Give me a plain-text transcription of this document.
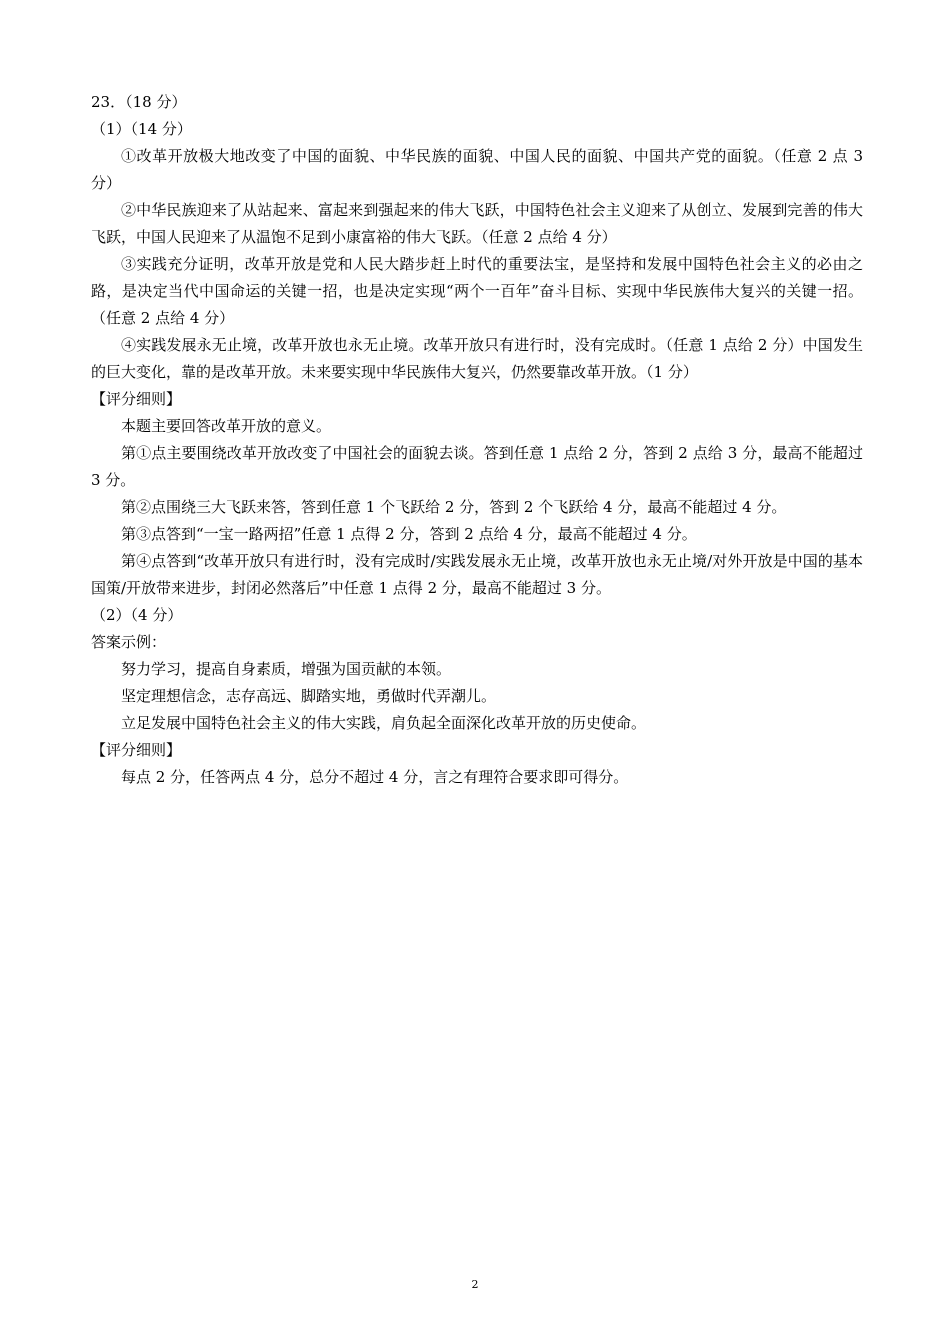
23．（18 分）

（1）（14 分）

①改革开放极大地改变了中国的面貌、中华民族的面貌、中国人民的面貌、中国共产党的面貌。（任意 2 点 3 分）

②中华民族迎来了从站起来、富起来到强起来的伟大飞跃，中国特色社会主义迎来了从创立、发展到完善的伟大飞跃，中国人民迎来了从温饱不足到小康富裕的伟大飞跃。（任意 2 点给 4 分）

③实践充分证明，改革开放是党和人民大踏步赶上时代的重要法宝，是坚持和发展中国特色社会主义的必由之路，是决定当代中国命运的关键一招，也是决定实现“两个一百年”奋斗目标、实现中华民族伟大复兴的关键一招。（任意 2 点给 4 分）

④实践发展永无止境，改革开放也永无止境。改革开放只有进行时，没有完成时。（任意 1 点给 2 分）中国发生的巨大变化，靠的是改革开放。未来要实现中华民族伟大复兴，仍然要靠改革开放。（1 分）

【评分细则】

本题主要回答改革开放的意义。

第①点主要围绕改革开放改变了中国社会的面貌去谈。答到任意 1 点给 2 分，答到 2 点给 3 分，最高不能超过 3 分。

第②点围绕三大飞跃来答，答到任意 1 个飞跃给 2 分，答到 2 个飞跃给 4 分，最高不能超过 4 分。

第③点答到“一宝一路两招”任意 1 点得 2 分，答到 2 点给 4 分，最高不能超过 4 分。

第④点答到“改革开放只有进行时，没有完成时/实践发展永无止境，改革开放也永无止境/对外开放是中国的基本国策/开放带来进步，封闭必然落后”中任意 1 点得 2 分，最高不能超过 3 分。

（2）（4 分）

答案示例：

努力学习，提高自身素质，增强为国贡献的本领。

坚定理想信念，志存高远、脚踏实地，勇做时代弄潮儿。

立足发展中国特色社会主义的伟大实践，肩负起全面深化改革开放的历史使命。

【评分细则】

每点 2 分，任答两点 4 分，总分不超过 4 分，言之有理符合要求即可得分。

2
